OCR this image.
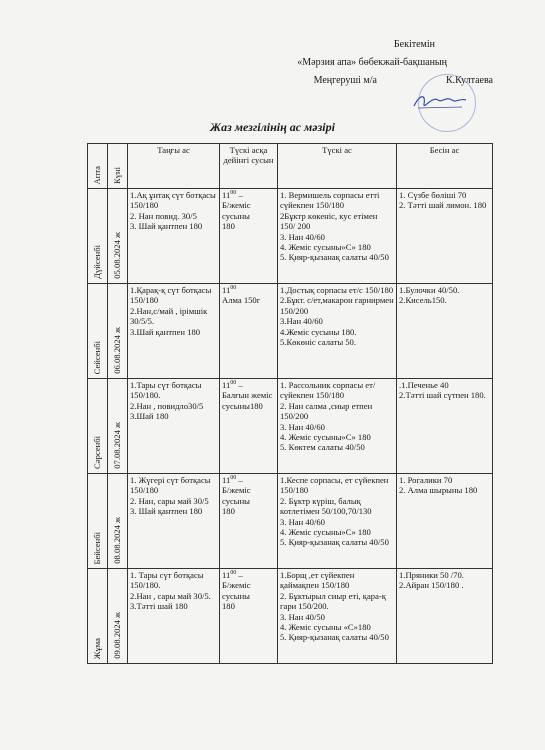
Бекітемін
«Мәрзия апа» бөбекжай-бақшаның
Меңгеруші м/а	К.Култаева
Жаз мезгілінің ас мәзірі
Апта	Күні	Таңғы ас	Түскі асқа дейінгі сусын	Түскі ас	Бесін ас

Дүйсенбі	05.08.2024 ж	1.Ақ ұнтақ сүт ботқасы 150/180
2. Нан повид. 30/5
3. Шай қантпен 180	$11^{00}$ –
Б/жеміс сусыны
180	1. Вермишель сорпасы етті сүйекпен 150/180
2Бұктр көкеніс, кус етімен 150/ 200
3. Нан 40/60
4. Жеміс сусыны»С» 180
5. Қияр-қызанақ салаты 40/50	1. Сүзбе бөліші 70
2. Тәтті шай лимон. 180

Сейсенбі	06.08.2024 ж	1.Қарақ-қ сүт ботқасы 150/180
2.Нан,с/май , ірімшік 30/5/5.
3.Шай қантпен 180	$11^{00}$
Алма 150г	1.Достық сорпасы ет/с 150/180
2.Бұкт. с/ет,макарон гарнирмен 150/200
3.Нан 40/60
4.Жеміс сусыны 180.
5.Көкөніс салаты 50.	1.Булочки 40/50.
2.Кисель150.

Сәрсенбі	07.08.2024 ж	1.Тары сүт ботқасы 150/180.
2.Нан , повидло30/5
3.Шай 180	$11^{00}$ –
Балғын жеміс сусыны180	1. Рассольник сорпасы ет/сүйекпен 150/180
2. Нан салма ,сиыр етпен 150/200
3. Нан 40/60
4. Жеміс сусыны»С» 180
5. Көктем салаты 40/50	.1.Печенье 40
2.Тәтті шай сүтпен 180.

Бейсенбі	08.08.2024 ж	1. Жүгері сүт ботқасы 150/180
2. Нан, сары май 30/5
3. Шай қантпен 180	$11^{00}$ –
Б/жеміс сусыны
180	1.Кеспе сорпасы, ет сүйекпен 150/180
2. Бұктр күріш, балық котлетімен 50/100,70/130
3. Нан 40/60
4. Жеміс сусыны»С» 180
5. Қияр-қызанақ салаты 40/50	1. Рогалики 70
2. Алма шырыны 180

Жұма	09.08.2024 ж	1. Тары сүт ботқасы 150/180.
2.Нан , сары май 30/5.
3.Тәтті шай 180	$11^{00}$ –
Б/жеміс сусыны
180	1.Борщ ,ет сүйекпен қаймақпен 150/180
2. Бұктырыл сиыр еті, қара-қ гари 150/200.
3. Нан 40/50
4. Жеміс сусыны «С»180
5. Қияр-қызанақ салаты 40/50	1.Пряники 50 /70.
2.Айран 150/180 .
